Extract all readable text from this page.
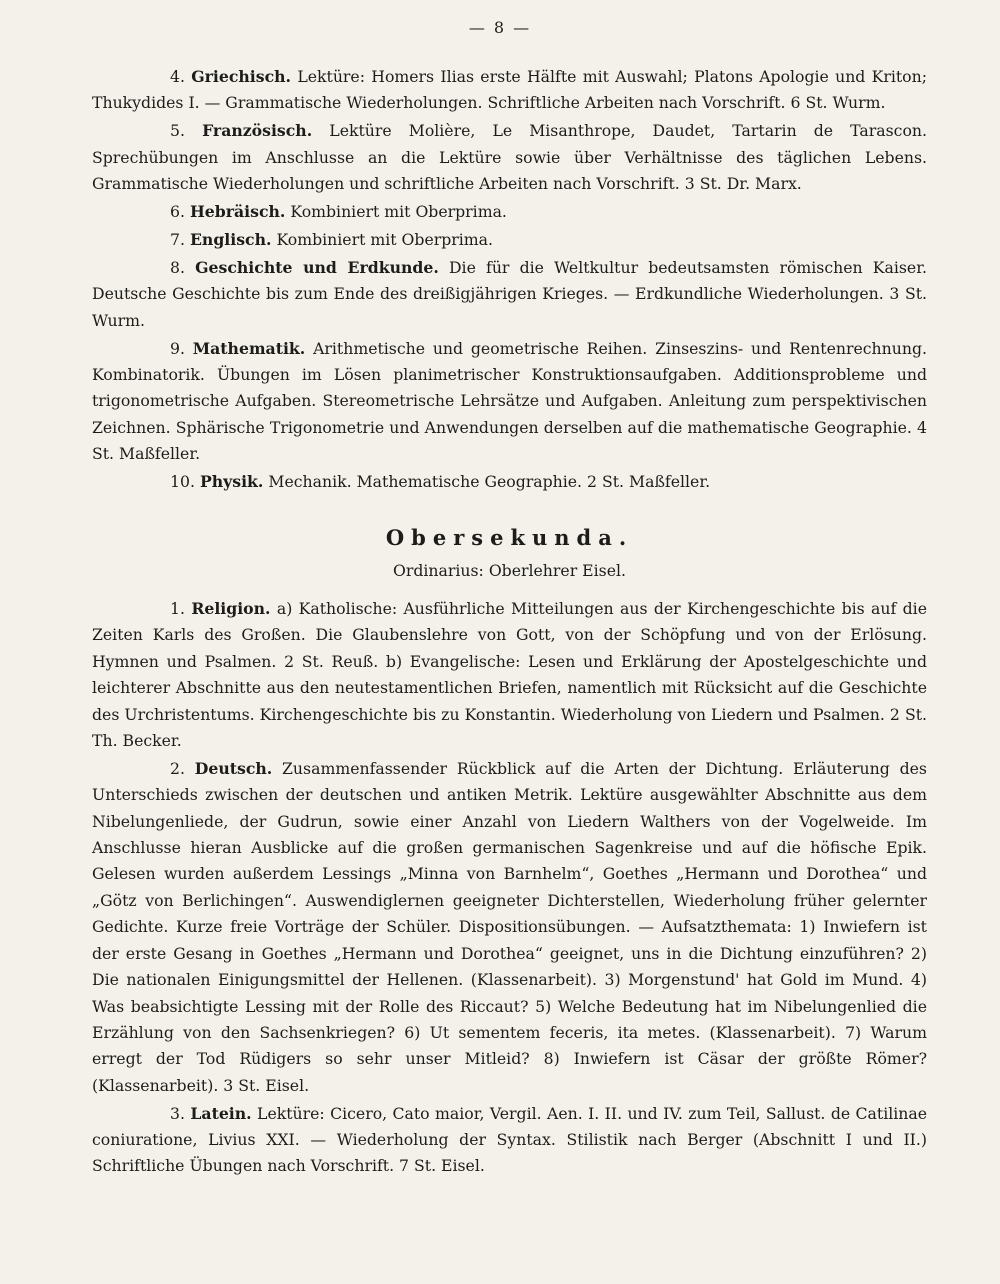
— 8 —

4. Griechisch. Lektüre: Homers Ilias erste Hälfte mit Auswahl; Platons Apologie und Kriton; Thukydides I. — Grammatische Wiederholungen. Schriftliche Arbeiten nach Vorschrift. 6 St. Wurm.

5. Französisch. Lektüre Molière, Le Misanthrope, Daudet, Tartarin de Tarascon. Sprechübungen im Anschlusse an die Lektüre sowie über Verhältnisse des täglichen Lebens. Grammatische Wiederholungen und schriftliche Arbeiten nach Vorschrift. 3 St. Dr. Marx.

6. Hebräisch. Kombiniert mit Oberprima.

7. Englisch. Kombiniert mit Oberprima.

8. Geschichte und Erdkunde. Die für die Weltkultur bedeutsamsten römischen Kaiser. Deutsche Geschichte bis zum Ende des dreißigjährigen Krieges. — Erdkundliche Wiederholungen. 3 St. Wurm.

9. Mathematik. Arithmetische und geometrische Reihen. Zinseszins- und Rentenrechnung. Kombinatorik. Übungen im Lösen planimetrischer Konstruktionsaufgaben. Additionsprobleme und trigonometrische Aufgaben. Stereometrische Lehrsätze und Aufgaben. Anleitung zum perspektivischen Zeichnen. Sphärische Trigonometrie und Anwendungen derselben auf die mathematische Geographie. 4 St. Maßfeller.

10. Physik. Mechanik. Mathematische Geographie. 2 St. Maßfeller.

Obersekunda.
Ordinarius: Oberlehrer Eisel.

1. Religion. a) Katholische: Ausführliche Mitteilungen aus der Kirchengeschichte bis auf die Zeiten Karls des Großen. Die Glaubenslehre von Gott, von der Schöpfung und von der Erlösung. Hymnen und Psalmen. 2 St. Reuß. b) Evangelische: Lesen und Erklärung der Apostelgeschichte und leichterer Abschnitte aus den neutestamentlichen Briefen, namentlich mit Rücksicht auf die Geschichte des Urchristentums. Kirchengeschichte bis zu Konstantin. Wiederholung von Liedern und Psalmen. 2 St. Th. Becker.

2. Deutsch. Zusammenfassender Rückblick auf die Arten der Dichtung. Erläuterung des Unterschieds zwischen der deutschen und antiken Metrik. Lektüre ausgewählter Abschnitte aus dem Nibelungenliede, der Gudrun, sowie einer Anzahl von Liedern Walthers von der Vogelweide. Im Anschlusse hieran Ausblicke auf die großen germanischen Sagenkreise und auf die höfische Epik. Gelesen wurden außerdem Lessings „Minna von Barnhelm“, Goethes „Hermann und Dorothea“ und „Götz von Berlichingen“. Auswendiglernen geeigneter Dichterstellen, Wiederholung früher gelernter Gedichte. Kurze freie Vorträge der Schüler. Dispositionsübungen. — Aufsatzthemata: 1) Inwiefern ist der erste Gesang in Goethes „Hermann und Dorothea“ geeignet, uns in die Dichtung einzuführen? 2) Die nationalen Einigungsmittel der Hellenen. (Klassenarbeit). 3) Morgenstund' hat Gold im Mund. 4) Was beabsichtigte Lessing mit der Rolle des Riccaut? 5) Welche Bedeutung hat im Nibelungenlied die Erzählung von den Sachsenkriegen? 6) Ut sementem feceris, ita metes. (Klassenarbeit). 7) Warum erregt der Tod Rüdigers so sehr unser Mitleid? 8) Inwiefern ist Cäsar der größte Römer? (Klassenarbeit). 3 St. Eisel.

3. Latein. Lektüre: Cicero, Cato maior, Vergil. Aen. I. II. und IV. zum Teil, Sallust. de Catilinae coniuratione, Livius XXI. — Wiederholung der Syntax. Stilistik nach Berger (Abschnitt I und II.) Schriftliche Übungen nach Vorschrift. 7 St. Eisel.
